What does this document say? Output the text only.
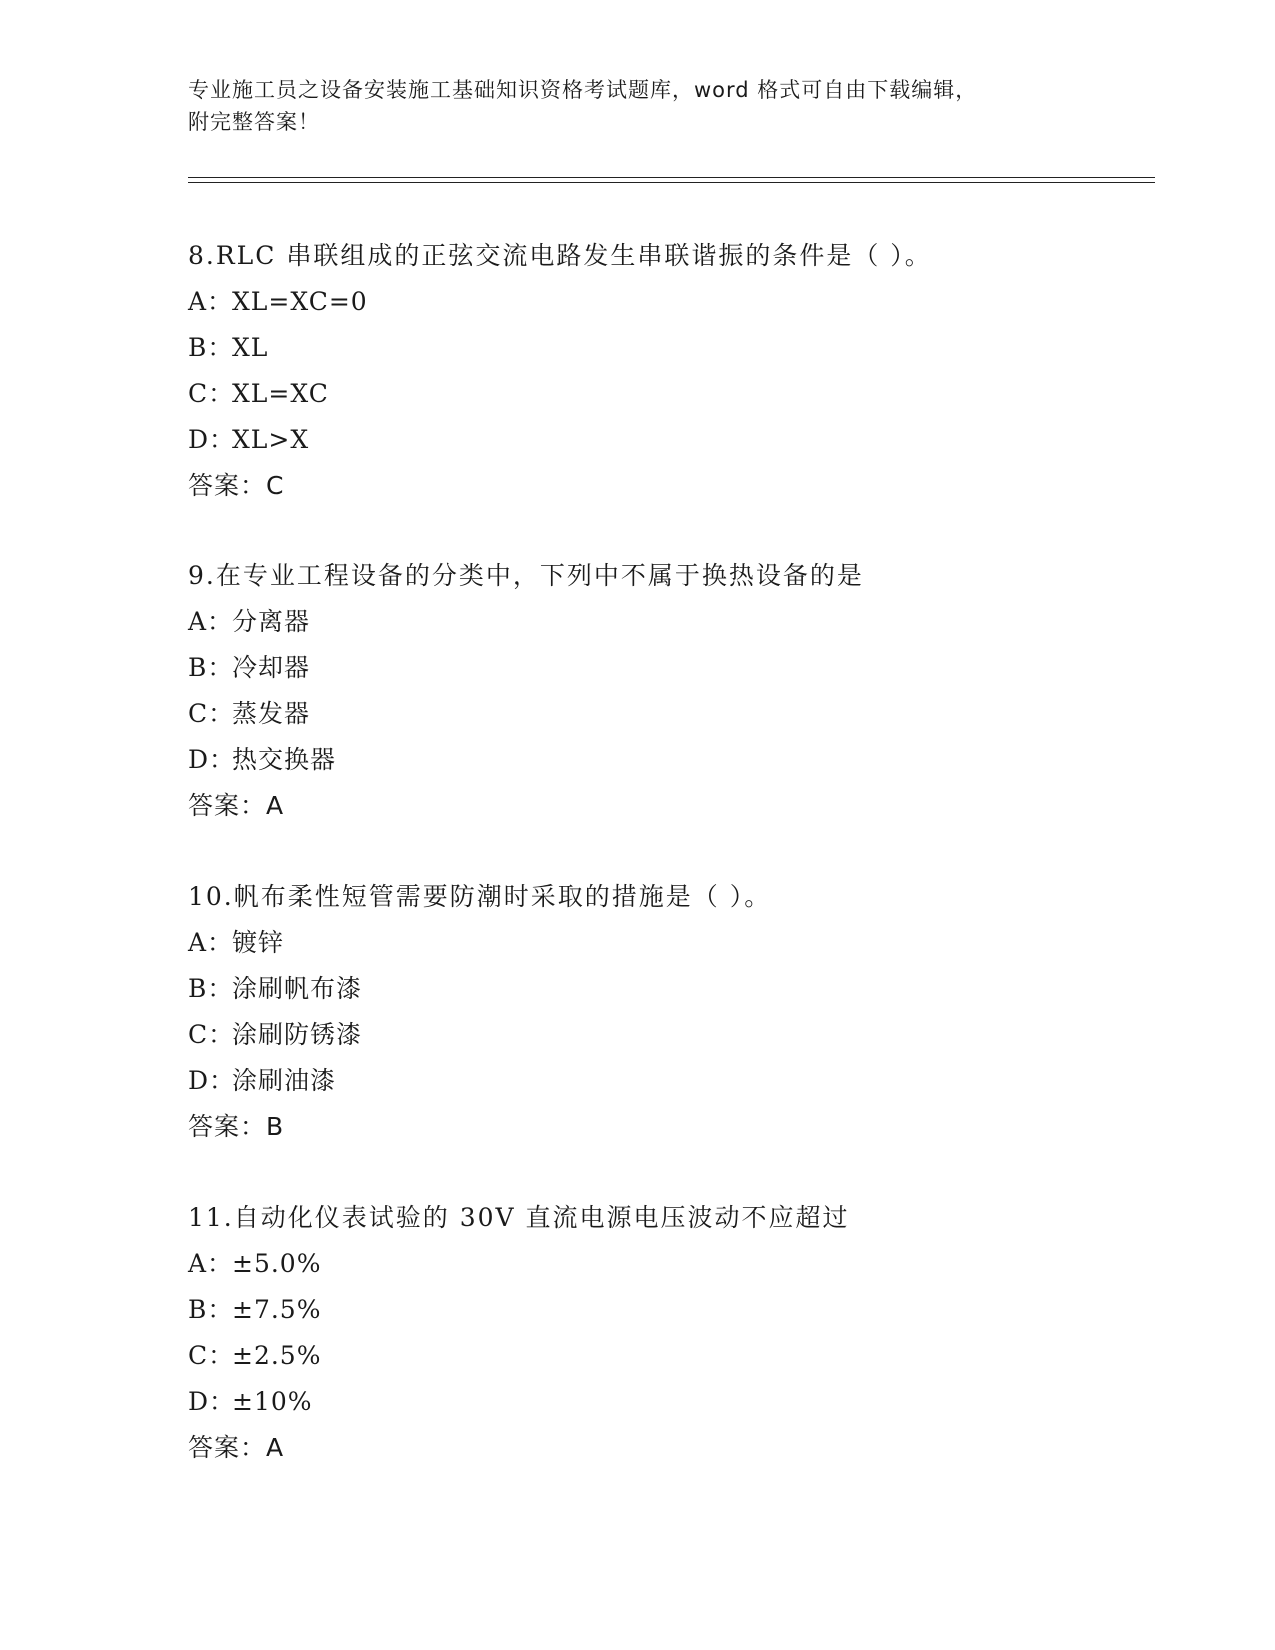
专业施工员之设备安装施工基础知识资格考试题库，word 格式可自由下载编辑，
附完整答案！
8.RLC 串联组成的正弦交流电路发生串联谐振的条件是（ ）。
A：XL=XC=0
B：XL
C：XL=XC
D：XL>X
答案：C
9.在专业工程设备的分类中，下列中不属于换热设备的是
A：分离器
B：冷却器
C：蒸发器
D：热交换器
答案：A
10.帆布柔性短管需要防潮时采取的措施是（ ）。
A：镀锌
B：涂刷帆布漆
C：涂刷防锈漆
D：涂刷油漆
答案：B
11.自动化仪表试验的 30V 直流电源电压波动不应超过
A：±5.0%
B：±7.5%
C：±2.5%
D：±10%
答案：A
